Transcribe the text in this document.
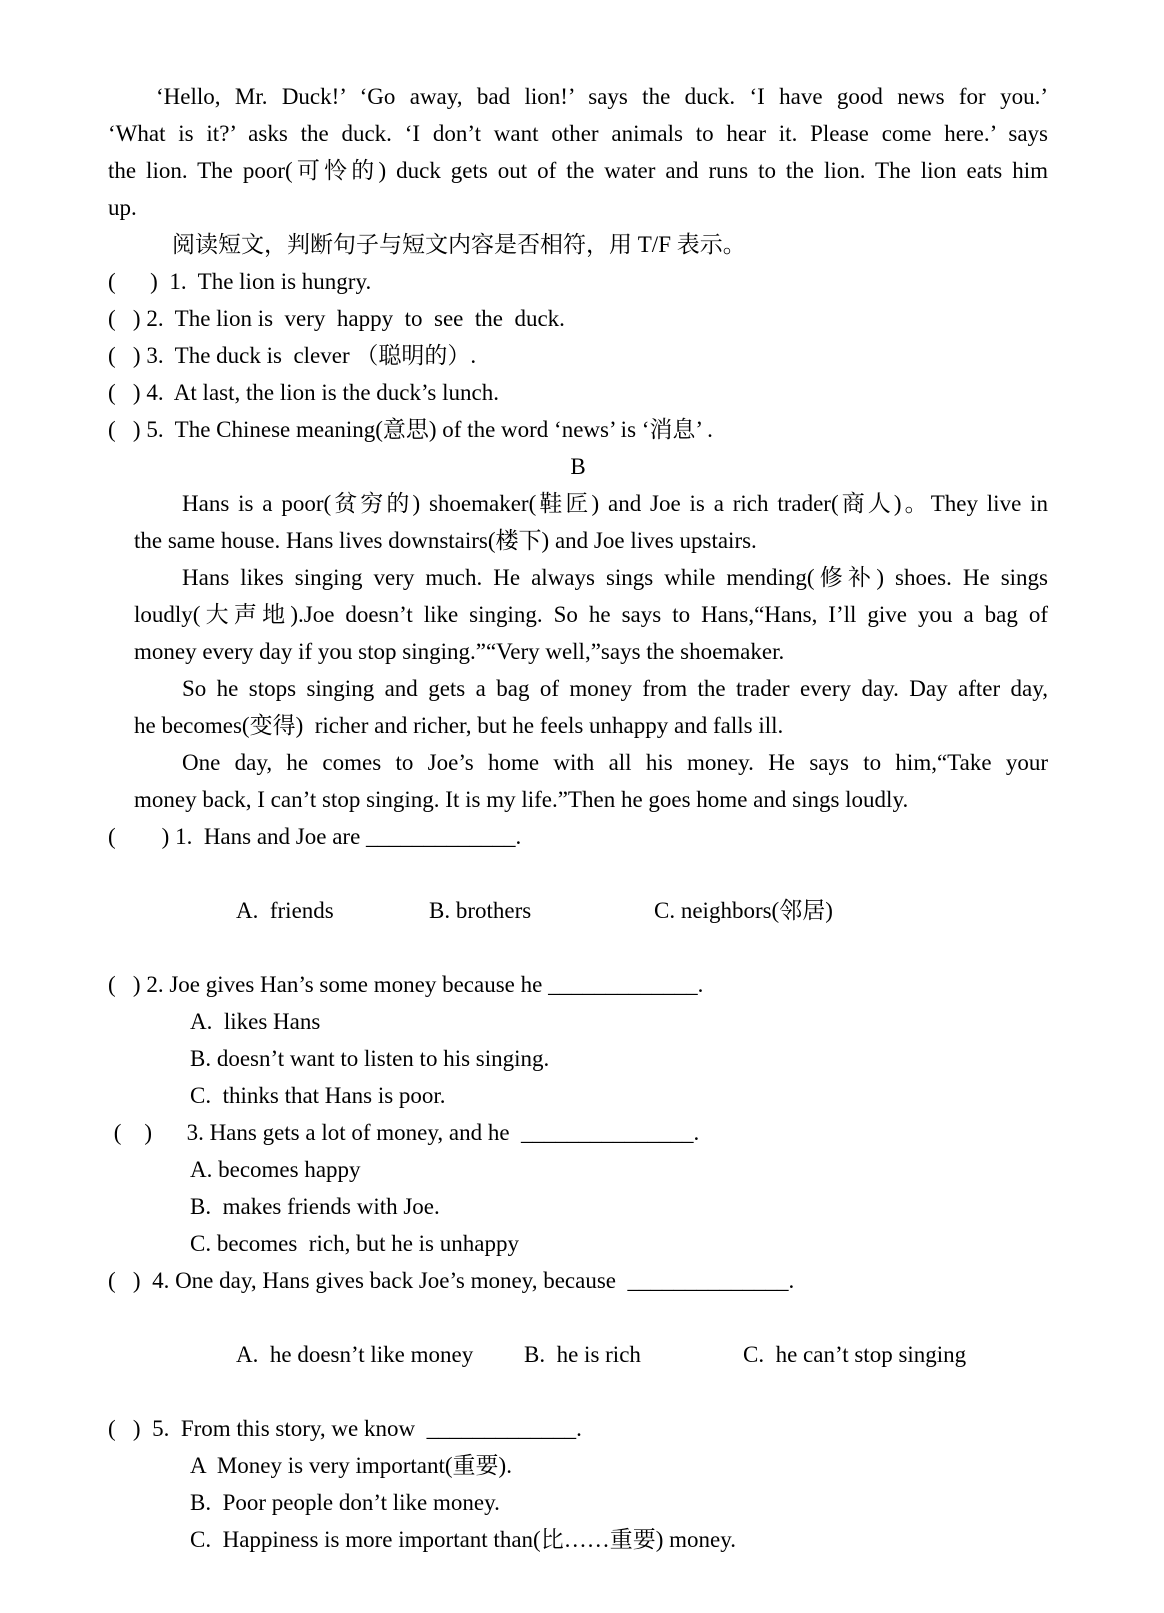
‘Hello, Mr. Duck!’ ‘Go away, bad lion!’ says the duck. ‘I have good news for you.’
‘What is it?’ asks the duck. ‘I don’t want other animals to hear it. Please come here.’ says
the lion. The poor(可怜的) duck gets out of the water and runs to the lion. The lion eats him
up.
阅读短文，判断句子与短文内容是否相符，用 T/F 表示。
(      )  1.  The lion is hungry.
(   ) 2.  The lion is  very  happy  to  see  the  duck.
(   ) 3.  The duck is  clever （聪明的）.
(   ) 4.  At last, the lion is the duck’s lunch.
(   ) 5.  The Chinese meaning(意思) of the word ‘news’ is ‘消息’ .
B
Hans is a poor(贫穷的) shoemaker(鞋匠) and Joe is a rich trader(商人)。They live in
the same house. Hans lives downstairs(楼下) and Joe lives upstairs.
Hans likes singing very much. He always sings while mending(修补) shoes. He sings
loudly(大声地).Joe doesn’t like singing. So he says to Hans,“Hans, I’ll give you a bag of
money every day if you stop singing.”“Very well,”says the shoemaker.
So he stops singing and gets a bag of money from the trader every day. Day after day,
he becomes(变得)  richer and richer, but he feels unhappy and falls ill.
One day, he comes to Joe’s home with all his money. He says to him,“Take your
money back, I can’t stop singing. It is my life.”Then he goes home and sings loudly.
(        ) 1.  Hans and Joe are _____________.

A.  friends	B. brothers	C. neighbors(邻居)

(   ) 2. Joe gives Han’s some money because he _____________.
A.  likes Hans
B. doesn’t want to listen to his singing.
C.  thinks that Hans is poor.
(    )      3. Hans gets a lot of money, and he  _______________.
A. becomes happy
B.  makes friends with Joe.
C. becomes  rich, but he is unhappy
(   )  4. One day, Hans gives back Joe’s money, because  ______________.

A.  he doesn’t like money B.  he is rich	C.  he can’t stop singing

(   )  5.  From this story, we know  _____________.
A  Money is very important(重要).
B.  Poor people don’t like money.
C.  Happiness is more important than(比……重要) money.
